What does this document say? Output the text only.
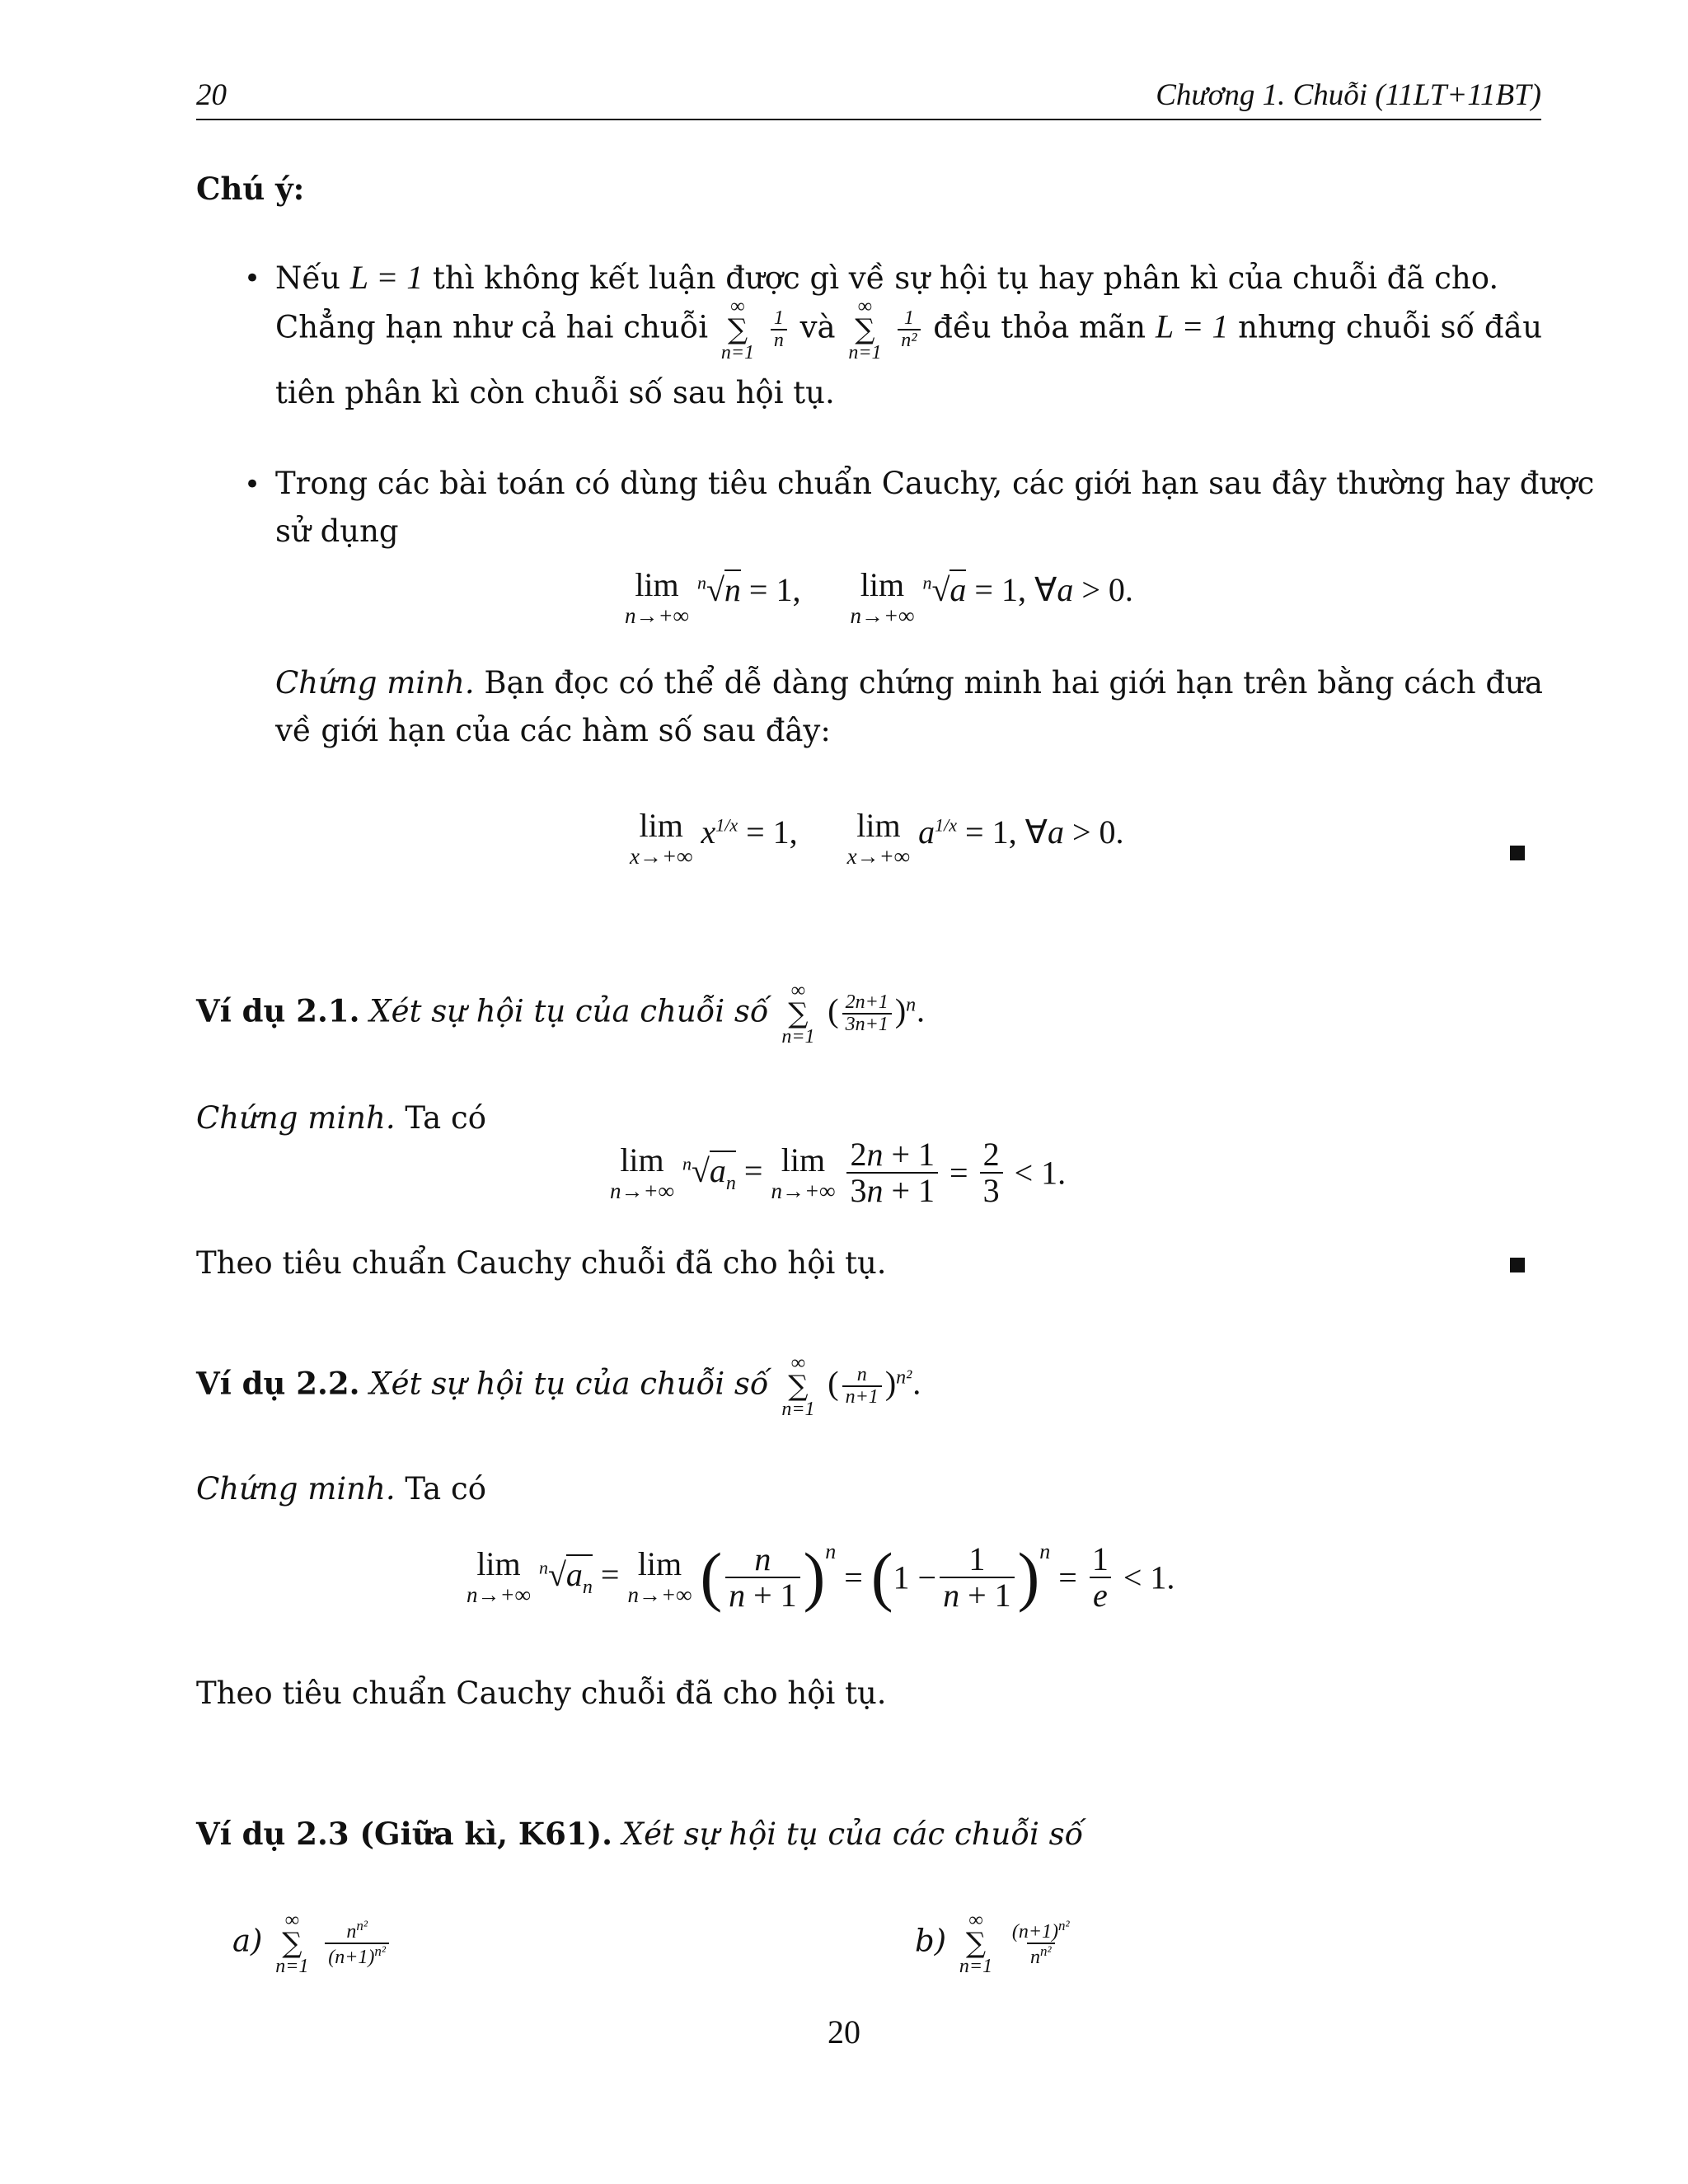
20	Chương 1. Chuỗi (11LT+11BT)
Chú ý:
• Nếu L = 1 thì không kết luận được gì về sự hội tụ hay phân kì của chuỗi đã cho.
Chẳng hạn như cả hai chuỗi
∞
∑
n=1

$\frac{1}{n}$ và
∞
∑
n=1

$\frac{1}{\text{n²}}$ đều thỏa mãn L = 1 nhưng chuỗi số đầu
tiên phân kì còn chuỗi số sau hội tụ.
• Trong các bài toán có dùng tiêu chuẩn Cauchy, các giới hạn sau đây thường hay được
sử dụng
lim
n→+∞
$^n$√n = 1, lim
n→+∞
$^n$√a = 1, ∀a > 0.
Chứng minh. Bạn đọc có thể dễ dàng chứng minh hai giới hạn trên bằng cách đưa
về giới hạn của các hàm số sau đây:
lim
x→+∞
$x^{1/x} = 1$, lim
x→+∞
$a^{1/x} = 1$, ∀a > 0.
Ví dụ 2.1. Xét sự hội tụ của chuỗi số
∞
∑
n=1
( $\frac{2n+1}{3n+1} )^n$.
Chứng minh. Ta có
lim
n→+∞
$^n√a_n = \lim$
n→+∞
$\frac{2n + 1}{3n + 1} = \frac{2}{3} < 1$.
Theo tiêu chuẩn Cauchy chuỗi đã cho hội tụ.
Ví dụ 2.2. Xét sự hội tụ của chuỗi số
∞
∑
n=1
( $\frac{n}{n+1} )^{n^2}$.
Chứng minh. Ta có
lim
n→+∞
$^n√a_n = \lim$
n→+∞ ( $\frac{n}{n + 1} )^n = (1 - \frac{1}{n + 1} )^n = \frac{1}{e} < 1$.
Theo tiêu chuẩn Cauchy chuỗi đã cho hội tụ.
Ví dụ 2.3 (Giữa kì, K61). Xét sự hội tụ của các chuỗi số
a)
∞
∑
n=1
$\frac{n^{n^2}}{(n+1)^{n^2}}$	b)
∞
∑
n=1
$\frac{(n+1)^{n^2}}{n^{n^2}}$
20
